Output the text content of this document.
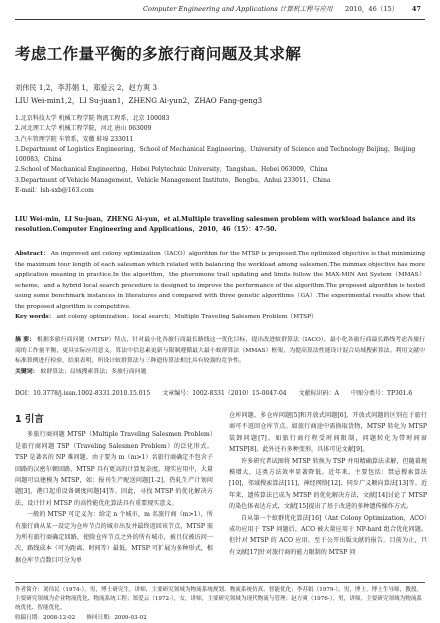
Computer Engineering and Applications 计算机工程与应用 2010，46（15） 47
考虑工作量平衡的多旅行商问题及其求解
刘伟民 1,2，李苏娟 1，郑爱云 2，赵方爽 3
LIU Wei-min1,2，LI Su-juan1，ZHENG Ai-yun2，ZHAO Fang-geng3
1.北京科技大学 机械工程学院 物流工程系，北京 100083
2.河北理工大学 机械工程学院，河北 唐山 063009
3.汽车管理学院 车管系，安徽 蚌埠 233011
1.Department of Logistics Engineering，School of Mechanical Engineering，University of Science and Technology Beijing，Beijing
100083，China
2.School of Mechanical Engineering，Hebei Polytechnic University，Tangshan，Hebei 063009，China
3.Department of Vehicle Management，Vehicle Management Institute，Bengbu，Anhui 233011，China
E-mail：lsh-sxb@163.com
LIU Wei-min，LI Su-juan，ZHENG Ai-yun，et al.Multiple traveling salesmen problem with workload balance and its resolution.Computer Engineering and Applications，2010，46（15）：47-50.
Abstract： An improved ant colony optimization（IACO）algorithm for the MTSP is proposed.The optimized objective is that minimizing the maximum tour length of each salesman which related with balancing the workload among salesmen.The minmax objective has more application meaning in practice.In the algorithm，the pheromone trail updating and limits follow the MAX-MIN Ant System（MMAS）scheme，and a hybrid local search procedure is designed to improve the performance of the algorithm.The proposed algorithm is tested using some benchmark instances in literatures and compared with three genetic algorithms（GA）.The experimental results show that the proposed algorithm is competitive.
Key words： ant colony optimization；local search；Multiple Traveling Salesmen Problem（MTSP）
摘 要： 根据多旅行商问题（MTSP）特点，针对最小化各旅行商最长路线这一优化目标，提出改进蚁群算法（IACO）。最小化各旅行商最长路线考虑各旅行商的工作量平衡，更具实际应用意义。算法中信息素更新与限制遵循最大最小蚁群算法（MMAS）框架，为提高算法性能设计混合局域搜索算法。利用文献中标准算例进行检验，结果表明，所设计蚁群算法与三种遗传算法相比具有较强的竞争性。
关键词： 蚁群算法；局域搜索算法；多旅行商问题
DOI：10.3778/j.issn.1002-8331.2010.15.015　　文章编号：1002-8331（2010）15-0047-04　　文献标识码：A　　中图分类号：TP301.6
1 引言
多旅行商问题 MTSP（Multiple Traveling Salesmen Problem）是旅行商问题 TSP（Traveling Salesmen Problem）的泛化形式。TSP 是著名的 NP 难问题，由于要为 m（m>1）名旅行商确定不包含子回路的汉密尔顿回路，MTSP 具有更高的计算复杂度。现实应用中，大量问题可以建模为 MTSP，如：报刊生产配送问题[1-2]，热轧生产计划问题[3]，港口起重设备调度问题[4]等。因此，寻找 MTSP 的优化解决方法，设计针对 MTSP 的高性能优化算法具有重要现实意义。
一般的 MTSP 可定义为：给定 n 个城市，m 名旅行商（m>1），所有旅行商从某一设定为仓库节点的城市出发并最终返回该节点，MTSP 需为所有旅行商确定回路，使除仓库节点之外的所有城市，被且仅被访问一次，路线成本（可为距离、时间等）最低。MTSP 可扩展为多种形式，根据仓库节点数目可分为单
仓库问题、多仓库问题[5]和开放式问题[6]，开放式问题的区别在于旅行商可不返回仓库节点。如旅行商途中需换取货物，MTSP 转化为 MTSP 装卸问题[7]。如旅行商行程受时间限制，问题转化为带时间窗 MTSP[8]。此外还有多种变形，具体可见文献[9]。
许多研究者试图将 MTSP 转换为 TSP 并用精确算法求解，但随着规模增大，这类方法效率显著降低。近年来，主要包括：禁忌搜索算法[10]，邻域搜索算法[11]，神经网络[12]、同步广义顺向算法[13]等。近年来，遗传算法已成为 MTSP 的优化解决方法，文献[14]讨论了 MTSP 的染色体表达方式，文献[15]提出了基于改进的多种遗传操作方式。
自从第一个蚁群优化算法[16]（Ant Colony Optimization，ACO）成功应用于 TSP 问题后，ACO 被大量应用于 NP-hard 组合优化问题。但针对 MTSP 的 ACO 应用，至于公开出版文献的报告。目前为止，只有文献[17]针对旅行商的能力限制的 MTSP 问
作者简介：刘伟民（1974-），男，博士研究生，讲师，主要研究领域为物流系统规划、物流系统仿真、智能优化；李苏娟（1979-），男，博士，博士生导师，教授，主要研究领域为企业物流优化、物流系统工程；郑爱云（1972-），女，讲师，主要研究领域为现代物流与管理；赵方爽（1976-），男，讲师，主要研究领域为物流系统优化、智能优化。
收稿日期：2008-12-02　　修回日期：2009-03-02
